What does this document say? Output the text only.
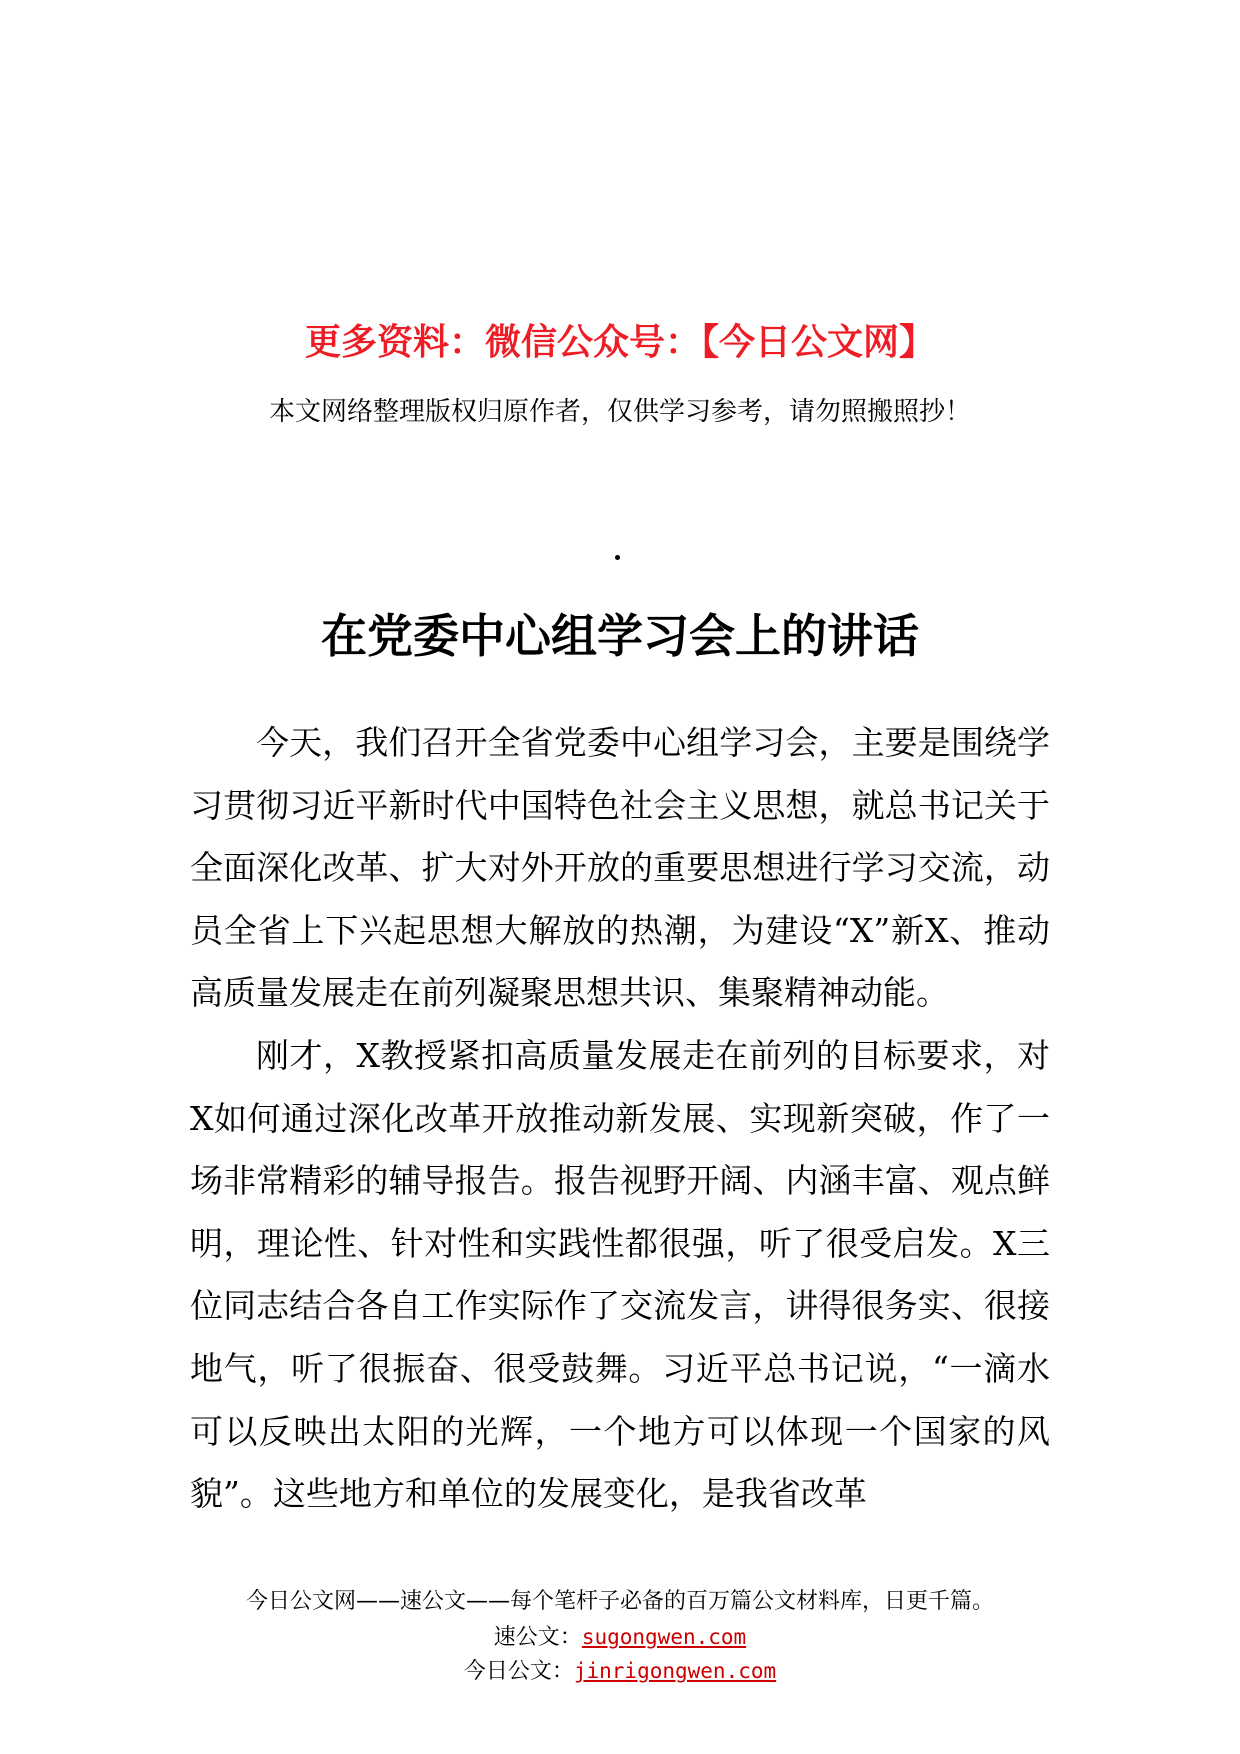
更多资料：微信公众号：【今日公文网】

本文网络整理版权归原作者，仅供学习参考，请勿照搬照抄！

在党委中心组学习会上的讲话

今天，我们召开全省党委中心组学习会，主要是围绕学习贯彻习近平新时代中国特色社会主义思想，就总书记关于全面深化改革、扩大对外开放的重要思想进行学习交流，动员全省上下兴起思想大解放的热潮，为建设“X”新X、推动高质量发展走在前列凝聚思想共识、集聚精神动能。

刚才，X教授紧扣高质量发展走在前列的目标要求，对X如何通过深化改革开放推动新发展、实现新突破，作了一场非常精彩的辅导报告。报告视野开阔、内涵丰富、观点鲜明，理论性、针对性和实践性都很强，听了很受启发。X三位同志结合各自工作实际作了交流发言，讲得很务实、很接地气，听了很振奋、很受鼓舞。习近平总书记说，“一滴水可以反映出太阳的光辉，一个地方可以体现一个国家的风貌”。这些地方和单位的发展变化，是我省改革

今日公文网——速公文——每个笔杆子必备的百万篇公文材料库，日更千篇。

速公文：sugongwen.com

今日公文：jinrigongwen.com
